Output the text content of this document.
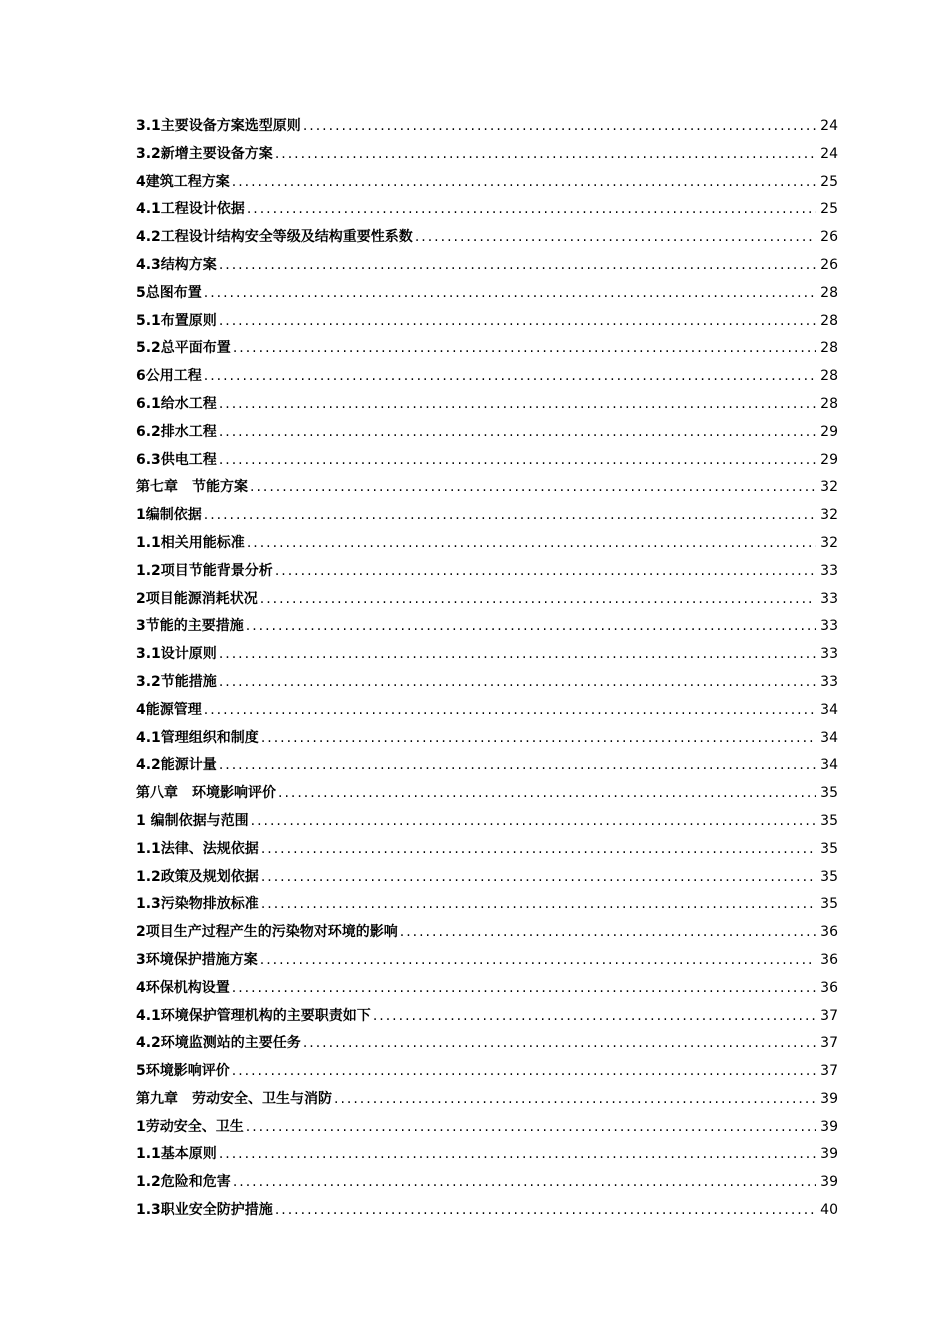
3.1主要设备方案选型原则 .....	24
3.2新增主要设备方案 .....	24
4建筑工程方案 .....	25
4.1工程设计依据 .....	25
4.2工程设计结构安全等级及结构重要性系数 .....	26
4.3结构方案 .....	26
5总图布置 .....	28
5.1布置原则 .....	28
5.2总平面布置 .....	28
6公用工程 .....	28
6.1给水工程 .....	28
6.2排水工程 .....	29
6.3供电工程 .....	29
第七章　节能方案 .....	32
1编制依据 .....	32
1.1相关用能标准 .....	32
1.2项目节能背景分析 .....	33
2项目能源消耗状况 .....	33
3节能的主要措施 .....	33
3.1设计原则 .....	33
3.2节能措施 .....	33
4能源管理 .....	34
4.1管理组织和制度 .....	34
4.2能源计量 .....	34
第八章　环境影响评价 .....	35
1 编制依据与范围 .....	35
1.1法律、法规依据 .....	35
1.2政策及规划依据 .....	35
1.3污染物排放标准 .....	35
2项目生产过程产生的污染物对环境的影响 .....	36
3环境保护措施方案 .....	36
4环保机构设置 .....	36
4.1环境保护管理机构的主要职责如下 .....	37
4.2环境监测站的主要任务 .....	37
5环境影响评价 .....	37
第九章　劳动安全、卫生与消防 .....	39
1劳动安全、卫生 .....	39
1.1基本原则 .....	39
1.2危险和危害 .....	39
1.3职业安全防护措施 .....	40
